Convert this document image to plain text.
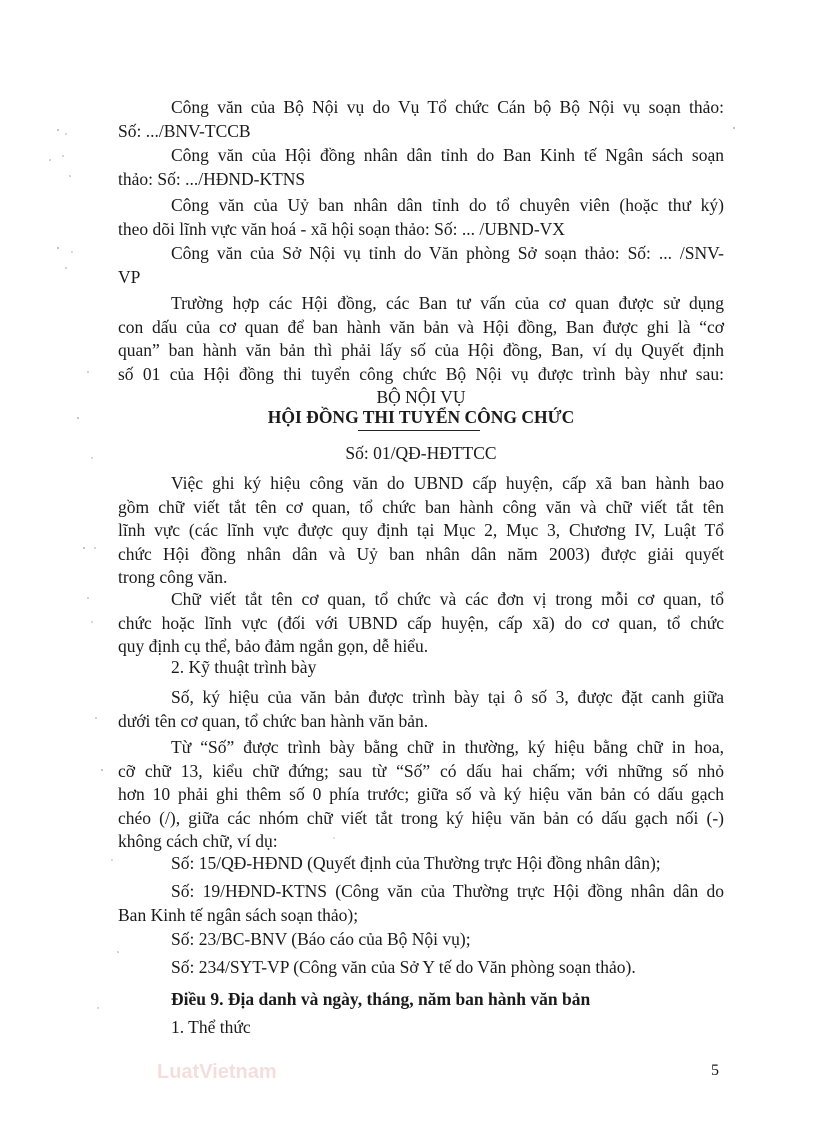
Công văn của Bộ Nội vụ do Vụ Tổ chức Cán bộ Bộ Nội vụ soạn thảo:
Số: .../BNV-TCCB
Công văn của Hội đồng nhân dân tỉnh do Ban Kinh tế Ngân sách soạn
thảo: Số: .../HĐND-KTNS
Công văn của Uỷ ban nhân dân tỉnh do tổ chuyên viên (hoặc thư ký)
theo dõi lĩnh vực văn hoá - xã hội soạn thảo: Số: ... /UBND-VX
Công văn của Sở Nội vụ tỉnh do Văn phòng Sở soạn thảo: Số: ... /SNV-
VP
Trường hợp các Hội đồng, các Ban tư vấn của cơ quan được sử dụng
con dấu của cơ quan để ban hành văn bản và Hội đồng, Ban được ghi là “cơ
quan” ban hành văn bản thì phải lấy số của Hội đồng, Ban, ví dụ Quyết định
số 01 của Hội đồng thi tuyển công chức Bộ Nội vụ được trình bày như sau:
BỘ NỘI VỤ
HỘI ĐỒNG THI TUYỂN CÔNG CHỨC
Số: 01/QĐ-HĐTTCC
Việc ghi ký hiệu công văn do UBND cấp huyện, cấp xã ban hành bao
gồm chữ viết tắt tên cơ quan, tổ chức ban hành công văn và chữ viết tắt tên
lĩnh vực (các lĩnh vực được quy định tại Mục 2, Mục 3, Chương IV, Luật Tổ
chức Hội đồng nhân dân và Uỷ ban nhân dân năm 2003) được giải quyết
trong công văn.
Chữ viết tắt tên cơ quan, tổ chức và các đơn vị trong mỗi cơ quan, tổ
chức hoặc lĩnh vực (đối với UBND cấp huyện, cấp xã) do cơ quan, tổ chức
quy định cụ thể, bảo đảm ngắn gọn, dễ hiểu.
2. Kỹ thuật trình bày
Số, ký hiệu của văn bản được trình bày tại ô số 3, được đặt canh giữa
dưới tên cơ quan, tổ chức ban hành văn bản.
Từ “Số” được trình bày bằng chữ in thường, ký hiệu bằng chữ in hoa,
cỡ chữ 13, kiểu chữ đứng; sau từ “Số” có dấu hai chấm; với những số nhỏ
hơn 10 phải ghi thêm số 0 phía trước; giữa số và ký hiệu văn bản có dấu gạch
chéo (/), giữa các nhóm chữ viết tắt trong ký hiệu văn bản có dấu gạch nối (-)
không cách chữ, ví dụ:
Số: 15/QĐ-HĐND (Quyết định của Thường trực Hội đồng nhân dân);
Số: 19/HĐND-KTNS (Công văn của Thường trực Hội đồng nhân dân do
Ban Kinh tế ngân sách soạn thảo);
Số: 23/BC-BNV (Báo cáo của Bộ Nội vụ);
Số: 234/SYT-VP (Công văn của Sở Y tế do Văn phòng soạn thảo).
Điều 9. Địa danh và ngày, tháng, năm ban hành văn bản
1. Thể thức
LuatVietnam	5
